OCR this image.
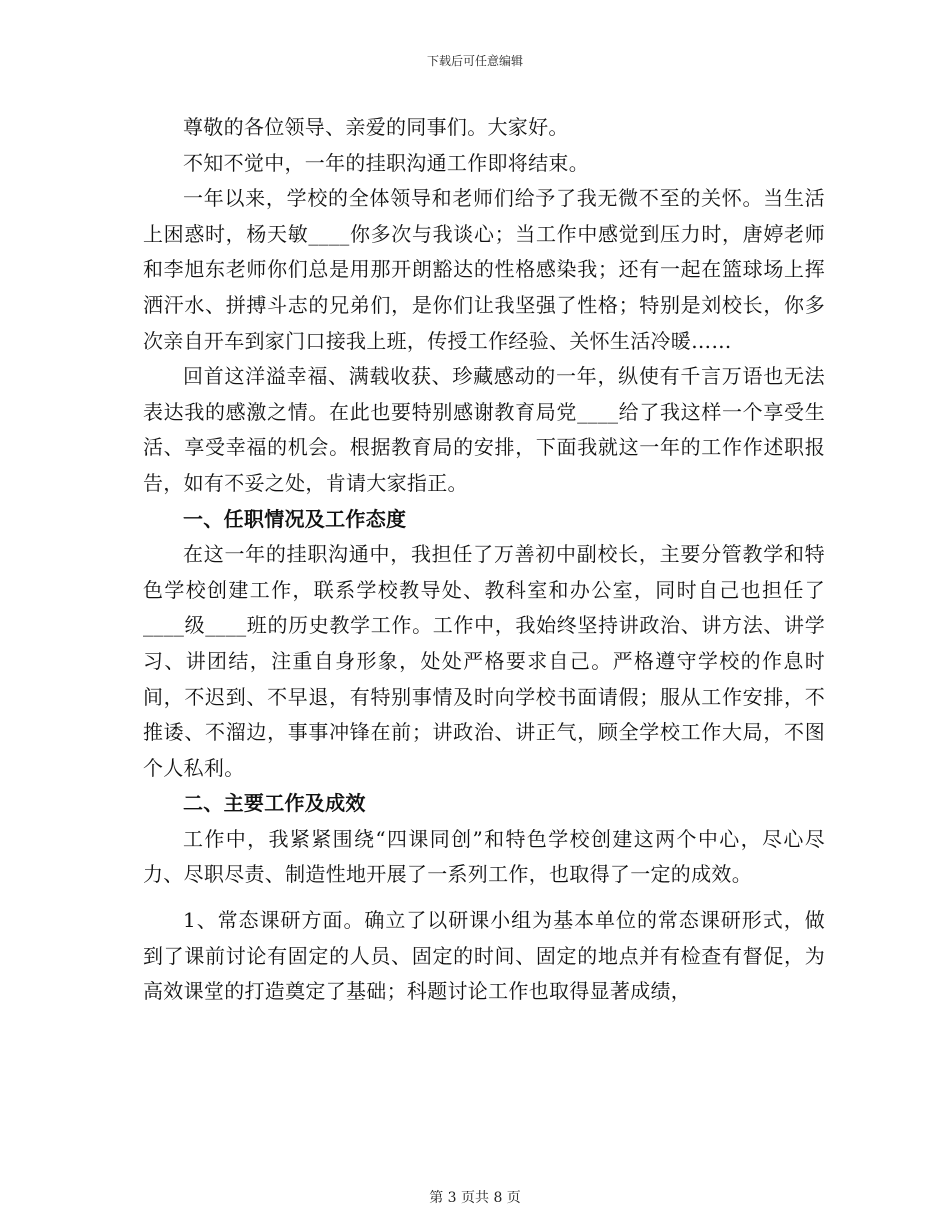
下载后可任意编辑

尊敬的各位领导、亲爱的同事们。大家好。

不知不觉中，一年的挂职沟通工作即将结束。

一年以来，学校的全体领导和老师们给予了我无微不至的关怀。当生活上困惑时，杨天敏____你多次与我谈心；当工作中感觉到压力时，唐婷老师和李旭东老师你们总是用那开朗豁达的性格感染我；还有一起在篮球场上挥洒汗水、拼搏斗志的兄弟们，是你们让我坚强了性格；特别是刘校长，你多次亲自开车到家门口接我上班，传授工作经验、关怀生活冷暖……

回首这洋溢幸福、满载收获、珍藏感动的一年，纵使有千言万语也无法表达我的感激之情。在此也要特别感谢教育局党____给了我这样一个享受生活、享受幸福的机会。根据教育局的安排，下面我就这一年的工作作述职报告，如有不妥之处，肯请大家指正。

一、任职情况及工作态度

在这一年的挂职沟通中，我担任了万善初中副校长，主要分管教学和特色学校创建工作，联系学校教导处、教科室和办公室，同时自己也担任了____级____班的历史教学工作。工作中，我始终坚持讲政治、讲方法、讲学习、讲团结，注重自身形象，处处严格要求自己。严格遵守学校的作息时间，不迟到、不早退，有特别事情及时向学校书面请假；服从工作安排，不推诿、不溜边，事事冲锋在前；讲政治、讲正气，顾全学校工作大局，不图个人私利。

二、主要工作及成效

工作中，我紧紧围绕“四课同创”和特色学校创建这两个中心，尽心尽力、尽职尽责、制造性地开展了一系列工作，也取得了一定的成效。

1、常态课研方面。确立了以研课小组为基本单位的常态课研形式，做到了课前讨论有固定的人员、固定的时间、固定的地点并有检查有督促，为高效课堂的打造奠定了基础；科题讨论工作也取得显著成绩，

第 3 页共 8 页
